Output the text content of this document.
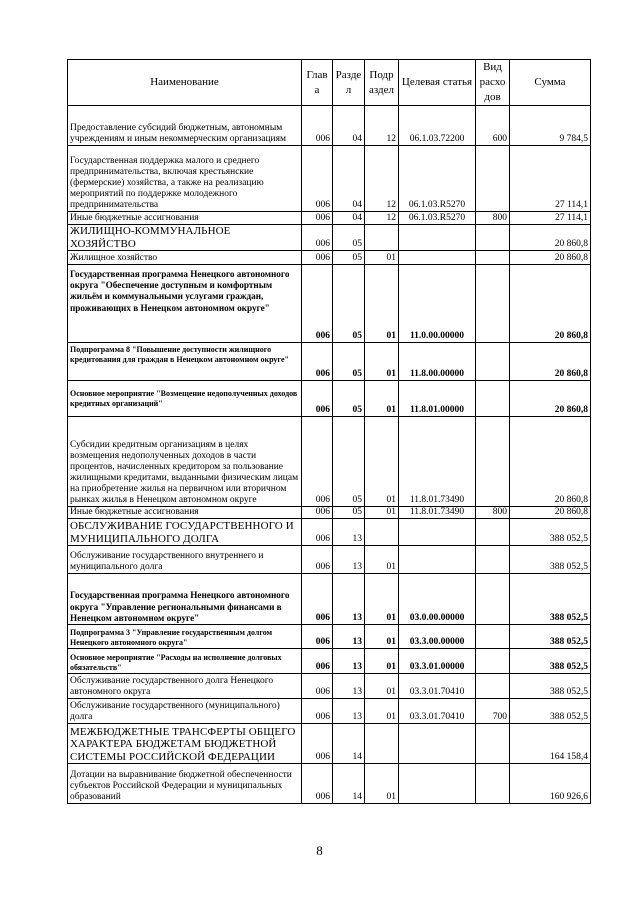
Наименование	Глав а	Разде л	Подр аздел	Целевая статья	Вид расхо дов	Сумма
Предоставление субсидий бюджетным, автономным учреждениям и иным некоммерческим организациям	006	04	12	06.1.03.72200	600	9 784,5
Государственная поддержка малого и среднего предпринимательства, включая крестьянские (фермерские) хозяйства, а также на реализацию мероприятий по поддержке молодежного предпринимательства	006	04	12	06.1.03.R5270		27 114,1
Иные бюджетные ассигнования	006	04	12	06.1.03.R5270	800	27 114,1
ЖИЛИЩНО-КОММУНАЛЬНОЕ ХОЗЯЙСТВО	006	05				20 860,8
Жилищное хозяйство	006	05	01			20 860,8
Государственная программа Ненецкого автономного округа "Обеспечение доступным и комфортным жильём и коммунальными услугами граждан, проживающих в Ненецком автономном округе"	006	05	01	11.0.00.00000		20 860,8
Подпрограмма 8 "Повышение доступности жилищного кредитования для граждан в Ненецком автономном округе"	006	05	01	11.8.00.00000		20 860,8
Основное мероприятие "Возмещение недополученных доходов кредитных организаций"	006	05	01	11.8.01.00000		20 860,8
Субсидии кредитным организациям в целях возмещения недополученных доходов в части процентов, начисленных кредитором за пользование жилищными кредитами, выданными физическим лицам на приобретение жилья на первичном или вторичном рынках жилья в Ненецком автономном округе	006	05	01	11.8.01.73490		20 860,8
Иные бюджетные ассигнования	006	05	01	11.8.01.73490	800	20 860,8
ОБСЛУЖИВАНИЕ ГОСУДАРСТВЕННОГО И МУНИЦИПАЛЬНОГО ДОЛГА	006	13				388 052,5
Обслуживание государственного внутреннего и муниципального долга	006	13	01			388 052,5
Государственная программа Ненецкого автономного округа "Управление региональными финансами в Ненецком автономном округе"	006	13	01	03.0.00.00000		388 052,5
Подпрограмма 3 "Управление государственным долгом Ненецкого автономного округа"	006	13	01	03.3.00.00000		388 052,5
Основное мероприятие "Расходы на исполнение долговых обязательств"	006	13	01	03.3.01.00000		388 052,5
Обслуживание государственного долга Ненецкого автономного округа	006	13	01	03.3.01.70410		388 052,5
Обслуживание государственного (муниципального) долга	006	13	01	03.3.01.70410	700	388 052,5
МЕЖБЮДЖЕТНЫЕ ТРАНСФЕРТЫ ОБЩЕГО ХАРАКТЕРА БЮДЖЕТАМ БЮДЖЕТНОЙ СИСТЕМЫ РОССИЙСКОЙ ФЕДЕРАЦИИ	006	14				164 158,4
Дотации на выравнивание бюджетной обеспеченности субъектов Российской Федерации и муниципальных образований	006	14	01			160 926,6
8
